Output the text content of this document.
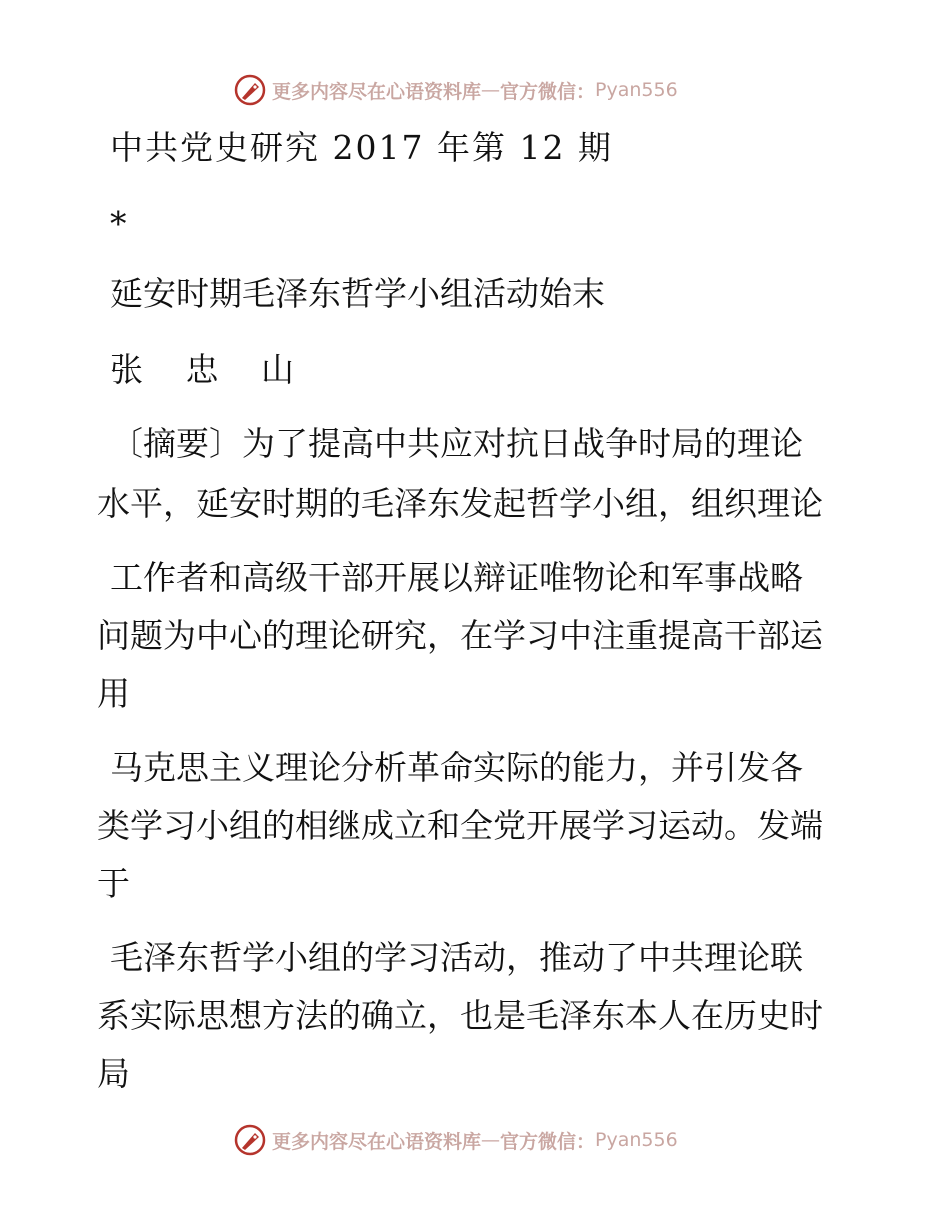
更多内容尽在心语资料库 — 官方微信： Pyan556
中共党史研究 2017 年第 12 期
*
延安时期毛泽东哲学小组活动始末
张 忠 山
〔摘要〕为了提高中共应对抗日战争时局的理论
水平，延安时期的毛泽东发起哲学小组，组织理论
工作者和高级干部开展以辩证唯物论和军事战略
问题为中心的理论研究，在学习中注重提高干部运
用
马克思主义理论分析革命实际的能力，并引发各
类学习小组的相继成立和全党开展学习运动。发端
于
毛泽东哲学小组的学习活动，推动了中共理论联
系实际思想方法的确立，也是毛泽东本人在历史时
局
更多内容尽在心语资料库 — 官方微信： Pyan556
